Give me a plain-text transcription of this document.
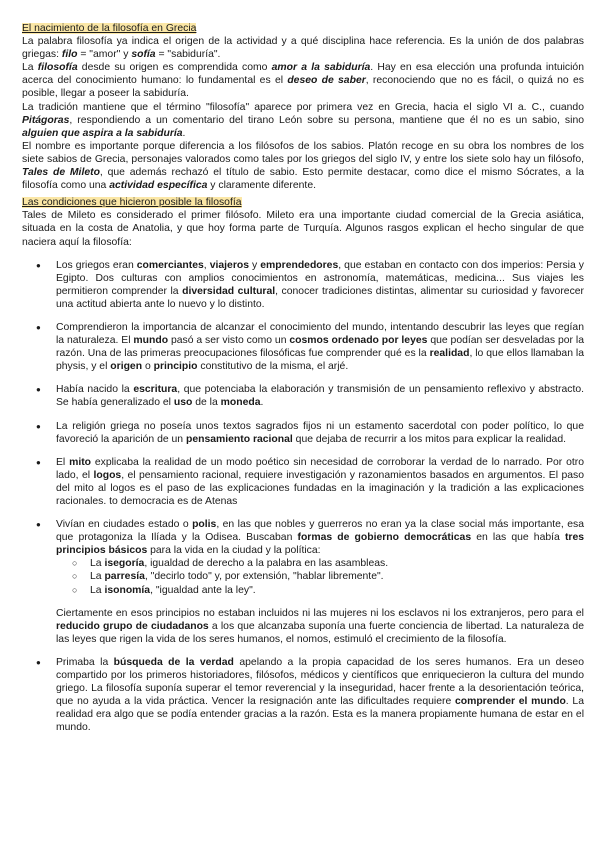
El nacimiento de la filosofía en Grecia

La palabra filosofía ya indica el origen de la actividad y a qué disciplina hace referencia. Es la unión de dos palabras griegas: filo = "amor" y sofía = "sabiduría".

La filosofía desde su origen es comprendida como amor a la sabiduría. Hay en esa elección una profunda intuición acerca del conocimiento humano: lo fundamental es el deseo de saber, reconociendo que no es fácil, o quizá no es posible, llegar a poseer la sabiduría.

La tradición mantiene que el término "filosofía" aparece por primera vez en Grecia, hacia el siglo VI a. C., cuando Pitágoras, respondiendo a un comentario del tirano León sobre su persona, mantiene que él no es un sabio, sino alguien que aspira a la sabiduría.

El nombre es importante porque diferencia a los filósofos de los sabios. Platón recoge en su obra los nombres de los siete sabios de Grecia, personajes valorados como tales por los griegos del siglo IV, y entre los siete solo hay un filósofo, Tales de Mileto, que además rechazó el título de sabio. Esto permite destacar, como dice el mismo Sócrates, a la filosofía como una actividad específica y claramente diferente.

Las condiciones que hicieron posible la filosofía

Tales de Mileto es considerado el primer filósofo. Mileto era una importante ciudad comercial de la Grecia asiática, situada en la costa de Anatolia, y que hoy forma parte de Turquía. Algunos rasgos explican el hecho singular de que naciera aquí la filosofía:

● Los griegos eran comerciantes, viajeros y emprendedores, que estaban en contacto con dos imperios: Persia y Egipto. Dos culturas con amplios conocimientos en astronomía, matemáticas, medicina... Sus viajes les permitieron comprender la diversidad cultural, conocer tradiciones distintas, alimentar su curiosidad y favorecer una actitud abierta ante lo nuevo y lo distinto.
● Comprendieron la importancia de alcanzar el conocimiento del mundo, intentando descubrir las leyes que regían la naturaleza. El mundo pasó a ser visto como un cosmos ordenado por leyes que podían ser desveladas por la razón. Una de las primeras preocupaciones filosóficas fue comprender qué es la realidad, lo que ellos llamaban la physis, y el origen o principio constitutivo de la misma, el arjé.
● Había nacido la escritura, que potenciaba la elaboración y transmisión de un pensamiento reflexivo y abstracto. Se había generalizado el uso de la moneda.
● La religión griega no poseía unos textos sagrados fijos ni un estamento sacerdotal con poder político, lo que favoreció la aparición de un pensamiento racional que dejaba de recurrir a los mitos para explicar la realidad.
● El mito explicaba la realidad de un modo poético sin necesidad de corroborar la verdad de lo narrado. Por otro lado, el logos, el pensamiento racional, requiere investigación y razonamientos basados en argumentos. El paso del mito al logos es el paso de las explicaciones fundadas en la imaginación y la tradición a las explicaciones racionales. to democracia es de Atenas
● Vivían en ciudades estado o polis, en las que nobles y guerreros no eran ya la clase social más importante, esa que protagoniza la Ilíada y la Odisea. Buscaban formas de gobierno democráticas en las que había tres principios básicos para la vida en la ciudad y la política:
○ La isegoría, igualdad de derecho a la palabra en las asambleas.
○ La parresía, "decirlo todo" y, por extensión, "hablar libremente".
○ La isonomía, "igualdad ante la ley".

Ciertamente en esos principios no estaban incluidos ni las mujeres ni los esclavos ni los extranjeros, pero para el reducido grupo de ciudadanos a los que alcanzaba suponía una fuerte conciencia de libertad. La naturaleza de las leyes que rigen la vida de los seres humanos, el nomos, estimuló el crecimiento de la filosofía.

● Primaba la búsqueda de la verdad apelando a la propia capacidad de los seres humanos. Era un deseo compartido por los primeros historiadores, filósofos, médicos y científicos que enriquecieron la cultura del mundo griego. La filosofía suponía superar el temor reverencial y la inseguridad, hacer frente a la desorientación teórica, que no ayuda a la vida práctica. Vencer la resignación ante las dificultades requiere comprender el mundo. La realidad era algo que se podía entender gracias a la razón. Esta es la manera propiamente humana de estar en el mundo.
